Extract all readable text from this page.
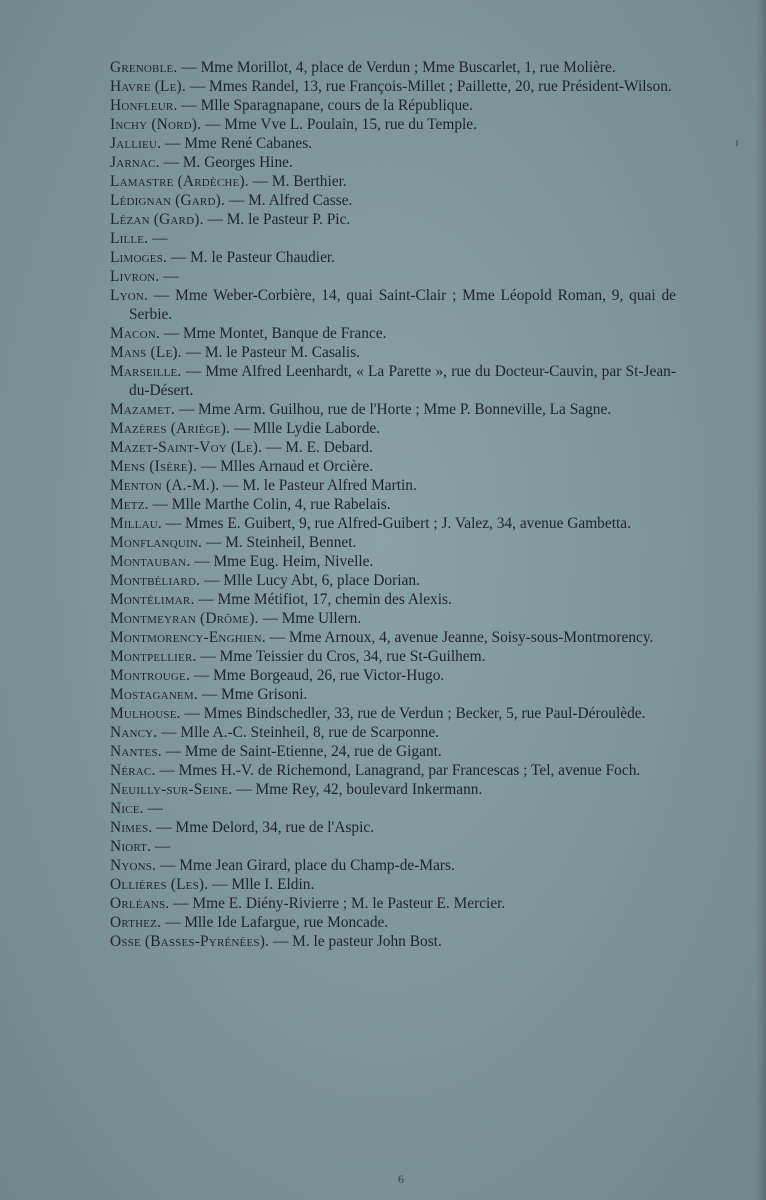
Grenoble. — Mme Morillot, 4, place de Verdun ; Mme Buscarlet, 1, rue Molière.

Havre (Le). — Mmes Randel, 13, rue François-Millet ; Paillette, 20, rue Président-Wilson.

Honfleur. — Mlle Sparagnapane, cours de la République.

Inchy (Nord). — Mme Vve L. Poulain, 15, rue du Temple.

Jallieu. — Mme René Cabanes.

Jarnac. — M. Georges Hine.

Lamastre (Ardèche). — M. Berthier.

Lédignan (Gard). — M. Alfred Casse.

Lézan (Gard). — M. le Pasteur P. Pic.

Lille. —

Limoges. — M. le Pasteur Chaudier.

Livron. —

Lyon. — Mme Weber-Corbière, 14, quai Saint-Clair ; Mme Léopold Roman, 9, quai de Serbie.

Macon. — Mme Montet, Banque de France.

Mans (Le). — M. le Pasteur M. Casalis.

Marseille. — Mme Alfred Leenhardt, « La Parette », rue du Docteur-Cauvin, par St-Jean-du-Désert.

Mazamet. — Mme Arm. Guilhou, rue de l'Horte ; Mme P. Bonneville, La Sagne.

Mazères (Ariège). — Mlle Lydie Laborde.

Mazet-Saint-Voy (Le). — M. E. Debard.

Mens (Isère). — Mlles Arnaud et Orcière.

Menton (A.-M.). — M. le Pasteur Alfred Martin.

Metz. — Mlle Marthe Colin, 4, rue Rabelais.

Millau. — Mmes E. Guibert, 9, rue Alfred-Guibert ; J. Valez, 34, avenue Gambetta.

Monflanquin. — M. Steinheil, Bennet.

Montauban. — Mme Eug. Heim, Nivelle.

Montbéliard. — Mlle Lucy Abt, 6, place Dorian.

Montélimar. — Mme Métifiot, 17, chemin des Alexis.

Montmeyran (Drôme). — Mme Ullern.

Montmorency-Enghien. — Mme Arnoux, 4, avenue Jeanne, Soisy-sous-Montmorency.

Montpellier. — Mme Teissier du Cros, 34, rue St-Guilhem.

Montrouge. — Mme Borgeaud, 26, rue Victor-Hugo.

Mostaganem. — Mme Grisoni.

Mulhouse. — Mmes Bindschedler, 33, rue de Verdun ; Becker, 5, rue Paul-Déroulède.

Nancy. — Mlle A.-C. Steinheil, 8, rue de Scarponne.

Nantes. — Mme de Saint-Etienne, 24, rue de Gigant.

Nérac. — Mmes H.-V. de Richemond, Lanagrand, par Francescas ; Tel, avenue Foch.

Neuilly-sur-Seine. — Mme Rey, 42, boulevard Inkermann.

Nice. —

Nimes. — Mme Delord, 34, rue de l'Aspic.

Niort. —

Nyons. — Mme Jean Girard, place du Champ-de-Mars.

Ollières (Les). — Mlle I. Eldin.

Orléans. — Mme E. Diény-Rivierre ; M. le Pasteur E. Mercier.

Orthez. — Mlle Ide Lafargue, rue Moncade.

Osse (Basses-Pyrénées). — M. le pasteur John Bost.

6
